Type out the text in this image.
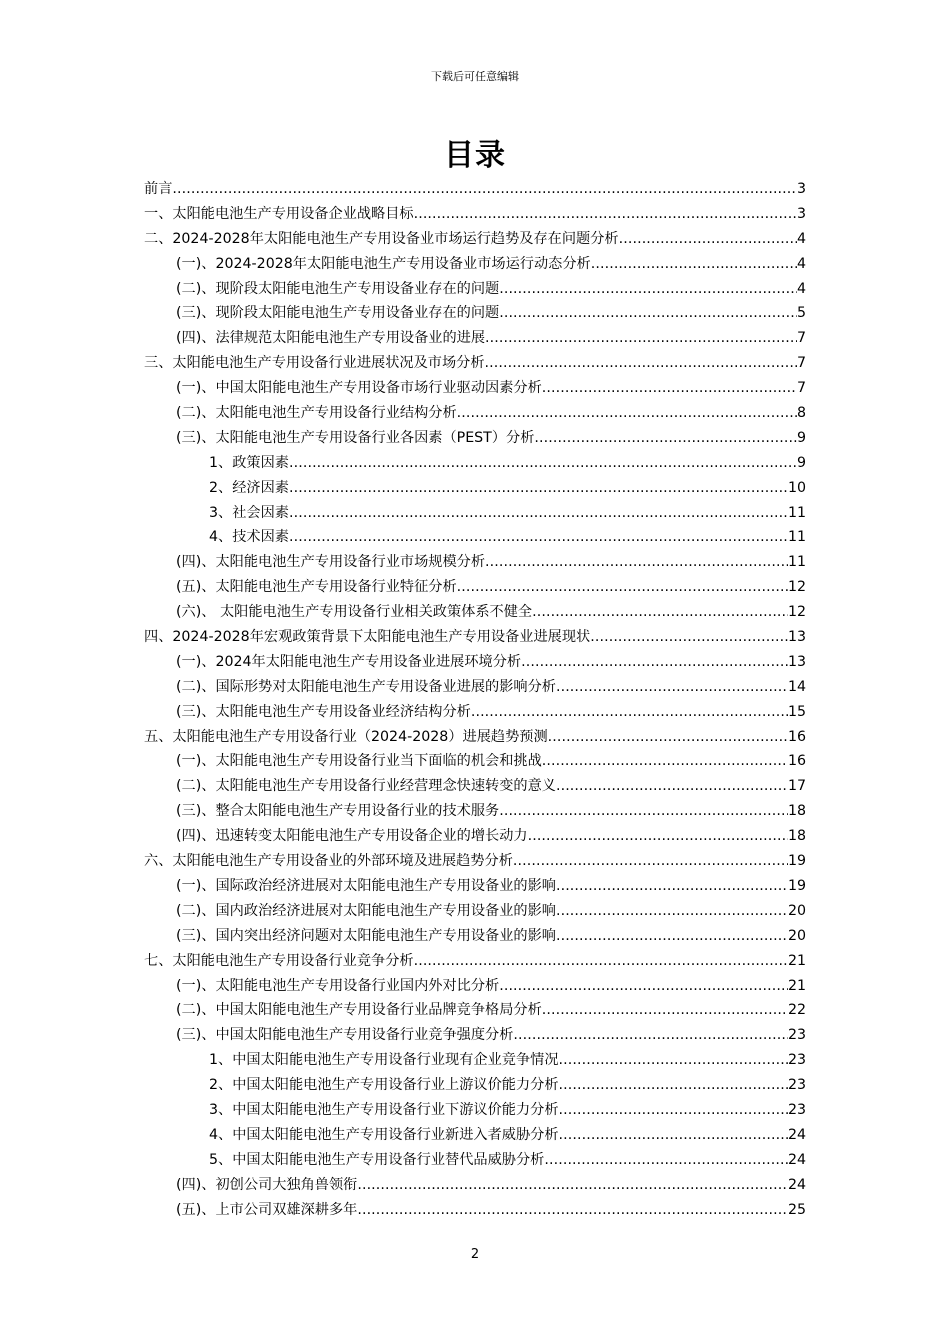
下载后可任意编辑
目录
前言 . . .	3
一、太阳能电池生产专用设备企业战略目标 . . .	3
二、2024-2028年太阳能电池生产专用设备业市场运行趋势及存在问题分析 . . .	4
(一)、2024-2028年太阳能电池生产专用设备业市场运行动态分析 . . .	4
(二)、现阶段太阳能电池生产专用设备业存在的问题 . . .	4
(三)、现阶段太阳能电池生产专用设备业存在的问题 . . .	5
(四)、法律规范太阳能电池生产专用设备业的进展 . . .	7
三、太阳能电池生产专用设备行业进展状况及市场分析 . . .	7
(一)、中国太阳能电池生产专用设备市场行业驱动因素分析 . . .	7
(二)、太阳能电池生产专用设备行业结构分析 . . .	8
(三)、太阳能电池生产专用设备行业各因素（PEST）分析 . . .	9
1、政策因素 . . .	9
2、经济因素 . . .	10
3、社会因素 . . .	11
4、技术因素 . . .	11
(四)、太阳能电池生产专用设备行业市场规模分析 . . .	11
(五)、太阳能电池生产专用设备行业特征分析 . . .	12
(六)、 太阳能电池生产专用设备行业相关政策体系不健全 . . .	12
四、2024-2028年宏观政策背景下太阳能电池生产专用设备业进展现状 . . .	13
(一)、2024年太阳能电池生产专用设备业进展环境分析 . . .	13
(二)、国际形势对太阳能电池生产专用设备业进展的影响分析 . . .	14
(三)、太阳能电池生产专用设备业经济结构分析 . . .	15
五、太阳能电池生产专用设备行业（2024-2028）进展趋势预测 . . .	16
(一)、太阳能电池生产专用设备行业当下面临的机会和挑战 . . .	16
(二)、太阳能电池生产专用设备行业经营理念快速转变的意义 . . .	17
(三)、整合太阳能电池生产专用设备行业的技术服务 . . .	18
(四)、迅速转变太阳能电池生产专用设备企业的增长动力 . . .	18
六、太阳能电池生产专用设备业的外部环境及进展趋势分析 . . .	19
(一)、国际政治经济进展对太阳能电池生产专用设备业的影响 . . .	19
(二)、国内政治经济进展对太阳能电池生产专用设备业的影响 . . .	20
(三)、国内突出经济问题对太阳能电池生产专用设备业的影响 . . .	20
七、太阳能电池生产专用设备行业竞争分析 . . .	21
(一)、太阳能电池生产专用设备行业国内外对比分析 . . .	21
(二)、中国太阳能电池生产专用设备行业品牌竞争格局分析 . . .	22
(三)、中国太阳能电池生产专用设备行业竞争强度分析 . . .	23
1、中国太阳能电池生产专用设备行业现有企业竞争情况 . . .	23
2、中国太阳能电池生产专用设备行业上游议价能力分析 . . .	23
3、中国太阳能电池生产专用设备行业下游议价能力分析 . . .	23
4、中国太阳能电池生产专用设备行业新进入者威胁分析 . . .	24
5、中国太阳能电池生产专用设备行业替代品威胁分析 . . .	24
(四)、初创公司大独角兽领衔 . . .	24
(五)、上市公司双雄深耕多年 . . .	25
2
